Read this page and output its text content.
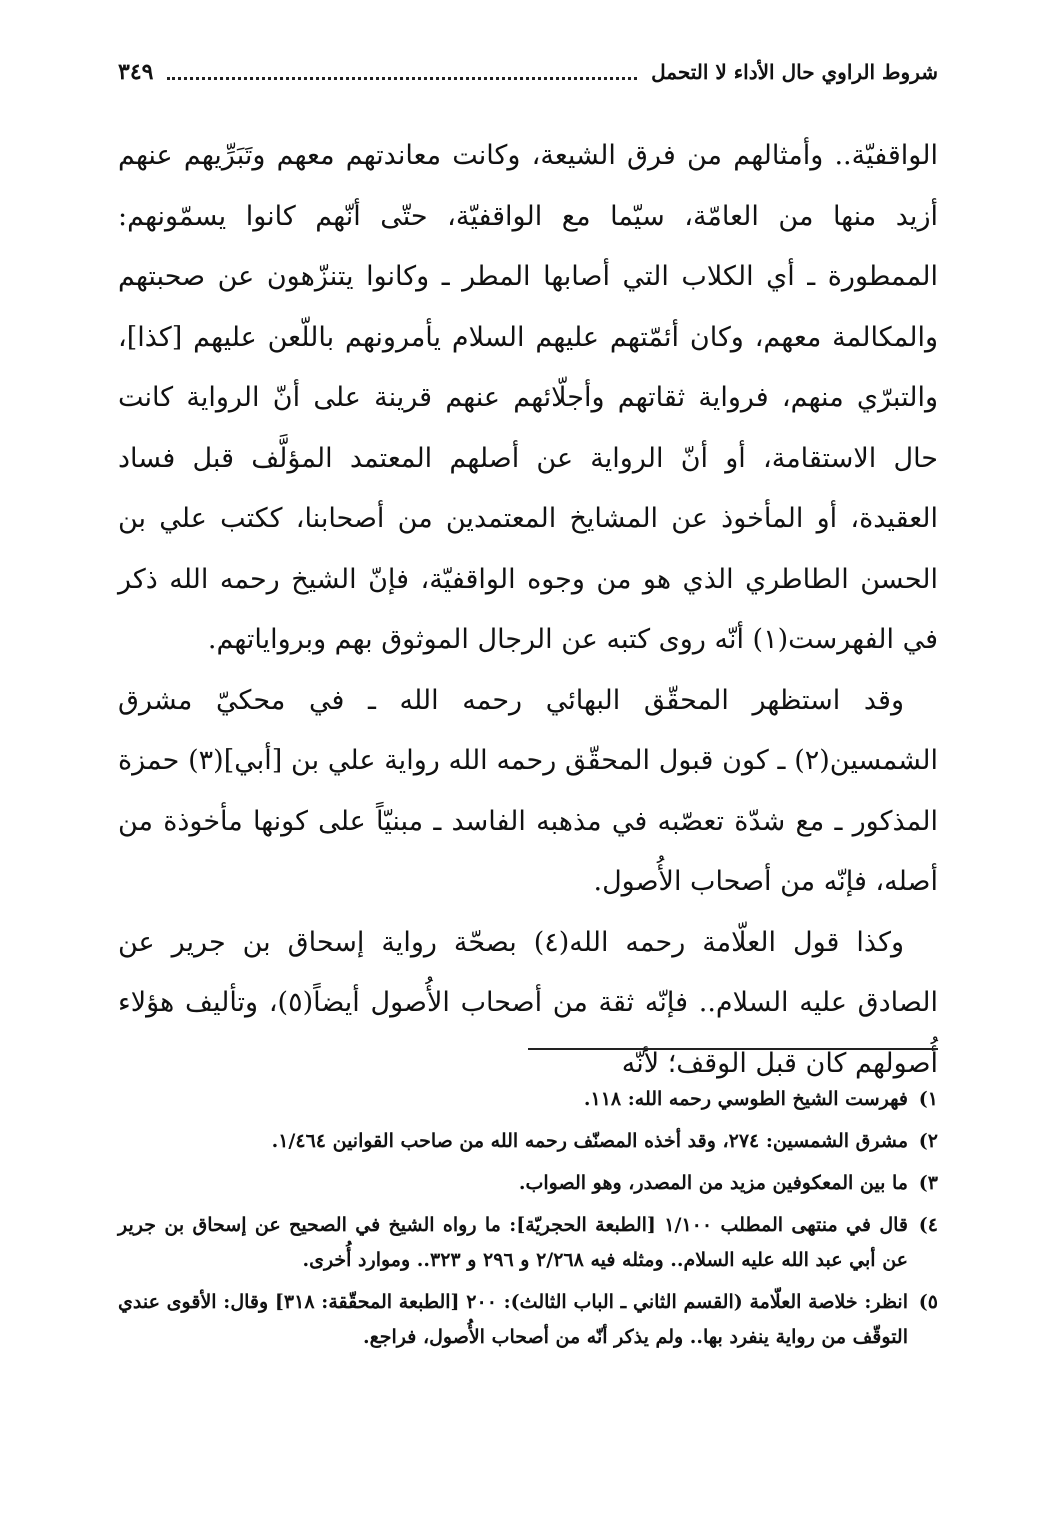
شروط الراوي حال الأداء لا التحمل
٣٤٩

الواقفيّة.. وأمثالهم من فرق الشيعة، وكانت معاندتهم معهم وتَبَرِّيهم عنهم أزيد منها من العامّة، سيّما مع الواقفيّة، حتّى أنّهم كانوا يسمّونهم: الممطورة ـ أي الكلاب التي أصابها المطر ـ وكانوا يتنزّهون عن صحبتهم والمكالمة معهم، وكان أئمّتهم عليهم السلام يأمرونهم باللّعن عليهم [كذا]، والتبرّي منهم، فرواية ثقاتهم وأجلّائهم عنهم قرينة على أنّ الرواية كانت حال الاستقامة، أو أنّ الرواية عن أصلهم المعتمد المؤلَّف قبل فساد العقيدة، أو المأخوذ عن المشايخ المعتمدين من أصحابنا، ككتب علي بن الحسن الطاطري الذي هو من وجوه الواقفيّة، فإنّ الشيخ رحمه الله ذكر في الفهرست(١) أنّه روى كتبه عن الرجال الموثوق بهم وبرواياتهم.

وقد استظهر المحقّق البهائي رحمه الله ـ في محكيّ مشرق الشمسين(٢) ـ كون قبول المحقّق رحمه الله رواية علي بن [أبي](٣) حمزة المذكور ـ مع شدّة تعصّبه في مذهبه الفاسد ـ مبنيّاً على كونها مأخوذة من أصله، فإنّه من أصحاب الأُصول.

وكذا قول العلّامة رحمه الله(٤) بصحّة رواية إسحاق بن جرير عن الصادق عليه السلام.. فإنّه ثقة من أصحاب الأُصول أيضاً(٥)، وتأليف هؤلاء أُصولهم كان قبل الوقف؛ لأنّه

١)
فهرست الشيخ الطوسي رحمه الله: ١١٨.
٢)
مشرق الشمسين: ٢٧٤، وقد أخذه المصنّف رحمه الله من صاحب القوانين ١/٤٦٤.
٣)
ما بين المعكوفين مزيد من المصدر، وهو الصواب.
٤)
قال في منتهى المطلب ١/١٠٠ [الطبعة الحجريّة]: ما رواه الشيخ في الصحيح عن إسحاق بن جرير عن أبي عبد الله عليه السلام.. ومثله فيه ٢/٢٦٨ و ٢٩٦ و ٣٢٣.. وموارد أُخرى.
٥)
انظر: خلاصة العلّامة (القسم الثاني ـ الباب الثالث): ٢٠٠ [الطبعة المحقّقة: ٣١٨] وقال: الأقوى عندي التوقّف من رواية ينفرد بها.. ولم يذكر أنّه من أصحاب الأُصول، فراجع.
